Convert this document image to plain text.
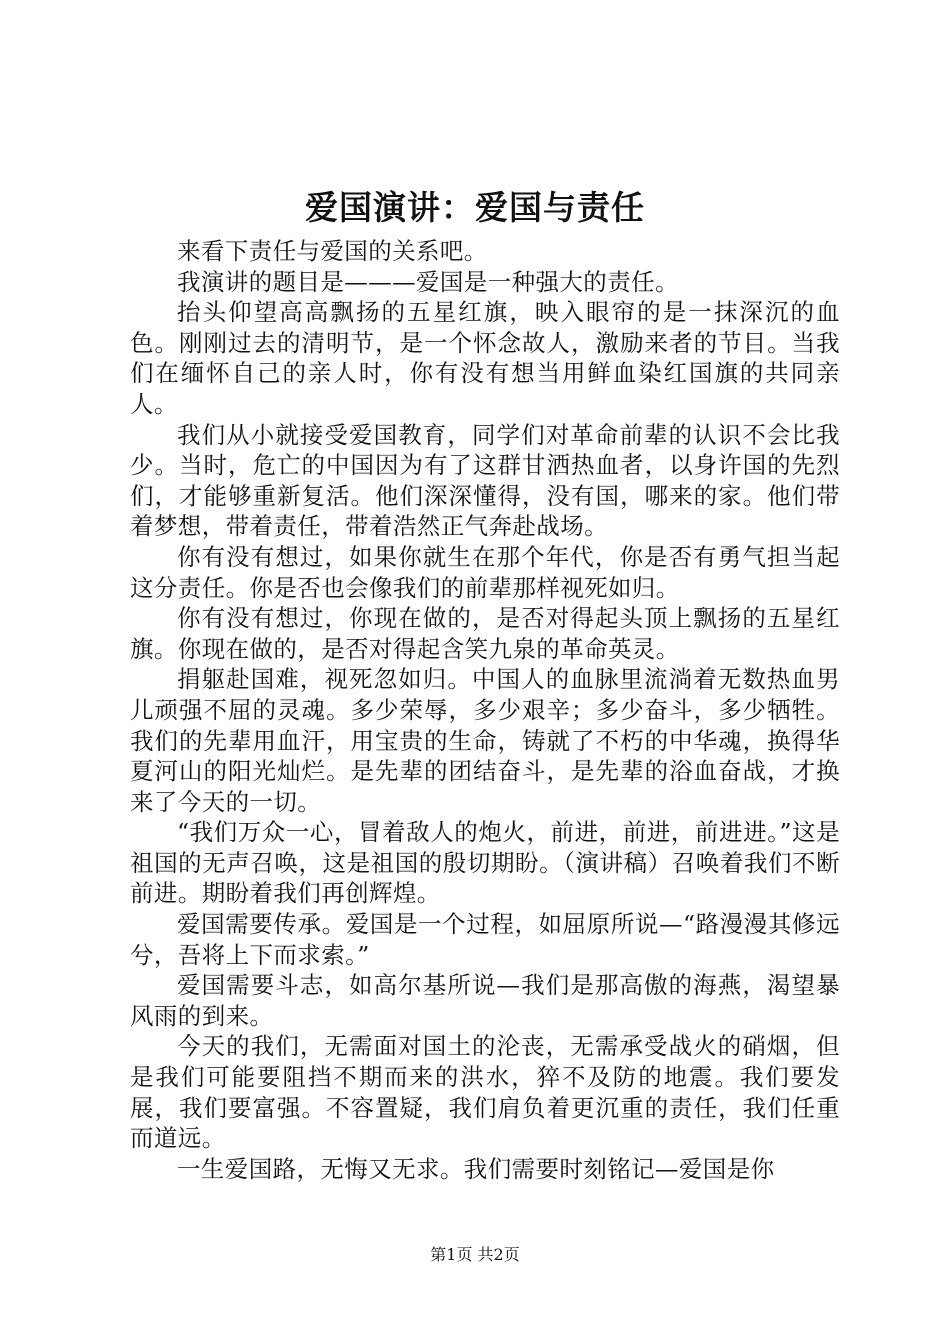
爱国演讲：爱国与责任

来看下责任与爱国的关系吧。

我演讲的题目是———爱国是一种强大的责任。

抬头仰望高高飘扬的五星红旗，映入眼帘的是一抹深沉的血色。刚刚过去的清明节，是一个怀念故人，激励来者的节目。当我们在缅怀自己的亲人时，你有没有想当用鲜血染红国旗的共同亲人。

我们从小就接受爱国教育，同学们对革命前辈的认识不会比我少。当时，危亡的中国因为有了这群甘洒热血者，以身许国的先烈们，才能够重新复活。他们深深懂得，没有国，哪来的家。他们带着梦想，带着责任，带着浩然正气奔赴战场。

你有没有想过，如果你就生在那个年代，你是否有勇气担当起这分责任。你是否也会像我们的前辈那样视死如归。

你有没有想过，你现在做的，是否对得起头顶上飘扬的五星红旗。你现在做的，是否对得起含笑九泉的革命英灵。

捐躯赴国难，视死忽如归。中国人的血脉里流淌着无数热血男儿顽强不屈的灵魂。多少荣辱，多少艰辛；多少奋斗，多少牺牲。我们的先辈用血汗，用宝贵的生命，铸就了不朽的中华魂，换得华夏河山的阳光灿烂。是先辈的团结奋斗，是先辈的浴血奋战，才换来了今天的一切。

“我们万众一心，冒着敌人的炮火，前进，前进，前进进。”这是祖国的无声召唤，这是祖国的殷切期盼。（演讲稿）召唤着我们不断前进。期盼着我们再创辉煌。

爱国需要传承。爱国是一个过程，如屈原所说—“路漫漫其修远兮，吾将上下而求索。”

爱国需要斗志，如高尔基所说—我们是那高傲的海燕，渴望暴风雨的到来。

今天的我们，无需面对国土的沦丧，无需承受战火的硝烟，但是我们可能要阻挡不期而来的洪水，猝不及防的地震。我们要发展，我们要富强。不容置疑，我们肩负着更沉重的责任，我们任重而道远。

一生爱国路，无悔又无求。我们需要时刻铭记—爱国是你

第1页 共2页
